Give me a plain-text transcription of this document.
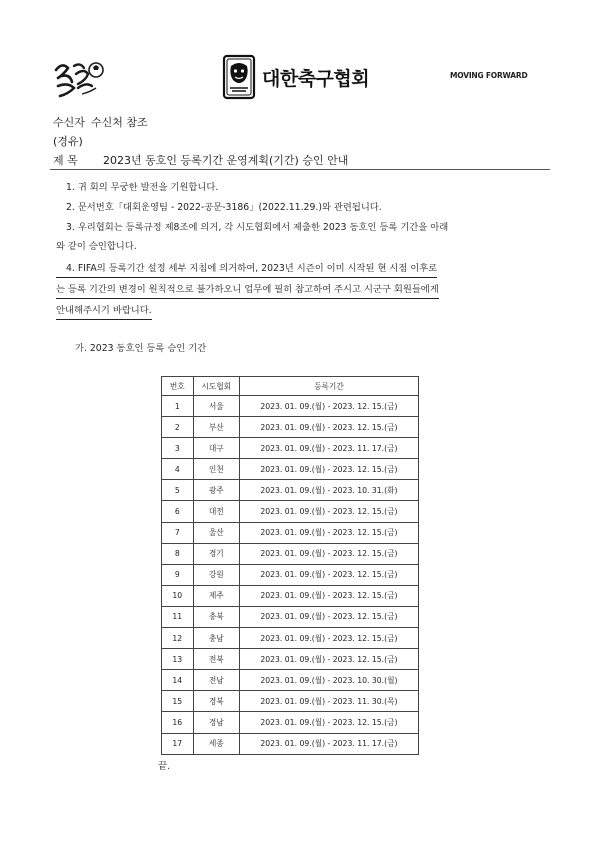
대한축구협회	MOVING FORWARD
수신자 수신처 참조
(경유)
제 목 2023년 동호인 등록기간 운영계획(기간) 승인 안내
1. 귀 회의 무궁한 발전을 기원합니다.
2. 문서번호「대회운영팀 - 2022-공문-3186」(2022.11.29.)와 관련됩니다.
3. 우리협회는 등록규정 제8조에 의거, 각 시도협회에서 제출한 2023 동호인 등록 기간을 아래
와 같이 승인합니다.
4. FIFA의 등록기간 설정 세부 지침에 의거하여, 2023년 시즌이 이미 시작된 현 시점 이후로
는 등록 기간의 변경이 원칙적으로 불가하오니 업무에 필히 참고하여 주시고 시군구 회원들에게
안내해주시기 바랍니다.
가. 2023 동호인 등록 승인 기간
번호	시도협회	등록기간
1	서울	2023. 01. 09.(월) - 2023. 12. 15.(금)
2	부산	2023. 01. 09.(월) - 2023. 12. 15.(금)
3	대구	2023. 01. 09.(월) - 2023. 11. 17.(금)
4	인천	2023. 01. 09.(월) - 2023. 12. 15.(금)
5	광주	2023. 01. 09.(월) - 2023. 10. 31.(화)
6	대전	2023. 01. 09.(월) - 2023. 12. 15.(금)
7	울산	2023. 01. 09.(월) - 2023. 12. 15.(금)
8	경기	2023. 01. 09.(월) - 2023. 12. 15.(금)
9	강원	2023. 01. 09.(월) - 2023. 12. 15.(금)
10	제주	2023. 01. 09.(월) - 2023. 12. 15.(금)
11	충북	2023. 01. 09.(월) - 2023. 12. 15.(금)
12	충남	2023. 01. 09.(월) - 2023. 12. 15.(금)
13	전북	2023. 01. 09.(월) - 2023. 12. 15.(금)
14	전남	2023. 01. 09.(월) - 2023. 10. 30.(월)
15	경북	2023. 01. 09.(월) - 2023. 11. 30.(목)
16	경남	2023. 01. 09.(월) - 2023. 12. 15.(금)
17	세종	2023. 01. 09.(월) - 2023. 11. 17.(금)
끝.
